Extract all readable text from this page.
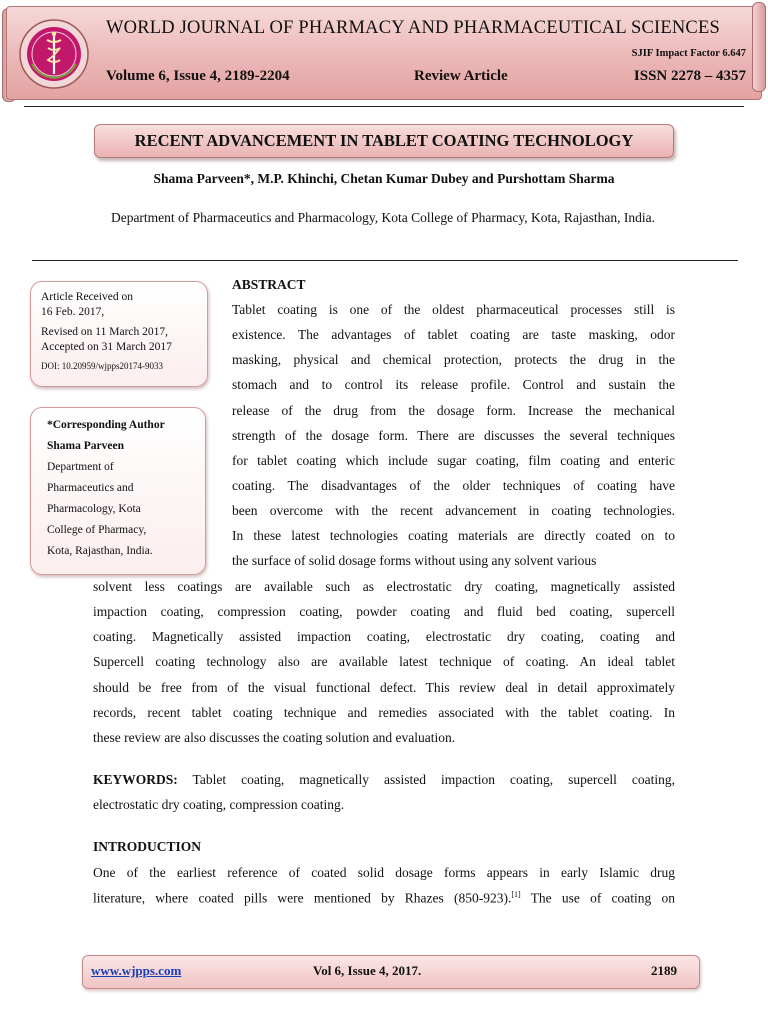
WORLD JOURNAL OF PHARMACY AND PHARMACEUTICAL SCIENCES
SJIF Impact Factor 6.647
Volume 6, Issue 4, 2189-2204	Review Article	ISSN 2278 – 4357
RECENT ADVANCEMENT IN TABLET COATING TECHNOLOGY
Shama Parveen*, M.P. Khinchi, Chetan Kumar Dubey and Purshottam Sharma
Department of Pharmaceutics and Pharmacology, Kota College of Pharmacy, Kota, Rajasthan, India.
Article Received on
16 Feb. 2017,
Revised on 11 March 2017,
Accepted on 31 March 2017
DOI: 10.20959/wjpps20174-9033
*Corresponding Author
Shama Parveen
Department of
Pharmaceutics and
Pharmacology, Kota
College of Pharmacy,
Kota, Rajasthan, India.
ABSTRACT
Tablet coating is one of the oldest pharmaceutical processes still is
existence. The advantages of tablet coating are taste masking, odor
masking, physical and chemical protection, protects the drug in the
stomach and to control its release profile. Control and sustain the
release of the drug from the dosage form. Increase the mechanical
strength of the dosage form. There are discusses the several techniques
for tablet coating which include sugar coating, film coating and enteric
coating. The disadvantages of the older techniques of coating have
been overcome with the recent advancement in coating technologies.
In these latest technologies coating materials are directly coated on to
the surface of solid dosage forms without using any solvent various
solvent less coatings are available such as electrostatic dry coating, magnetically assisted
impaction coating, compression coating, powder coating and fluid bed coating, supercell
coating. Magnetically assisted impaction coating, electrostatic dry coating, coating and
Supercell coating technology also are available latest technique of coating. An ideal tablet
should be free from of the visual functional defect. This review deal in detail approximately
records, recent tablet coating technique and remedies associated with the tablet coating. In
these review are also discusses the coating solution and evaluation.
KEYWORDS: Tablet coating, magnetically assisted impaction coating, supercell coating,
electrostatic dry coating, compression coating.
INTRODUCTION
One of the earliest reference of coated solid dosage forms appears in early Islamic drug
literature, where coated pills were mentioned by Rhazes (850-923).[1] The use of coating on
www.wjpps.com	Vol 6, Issue 4, 2017.	2189
